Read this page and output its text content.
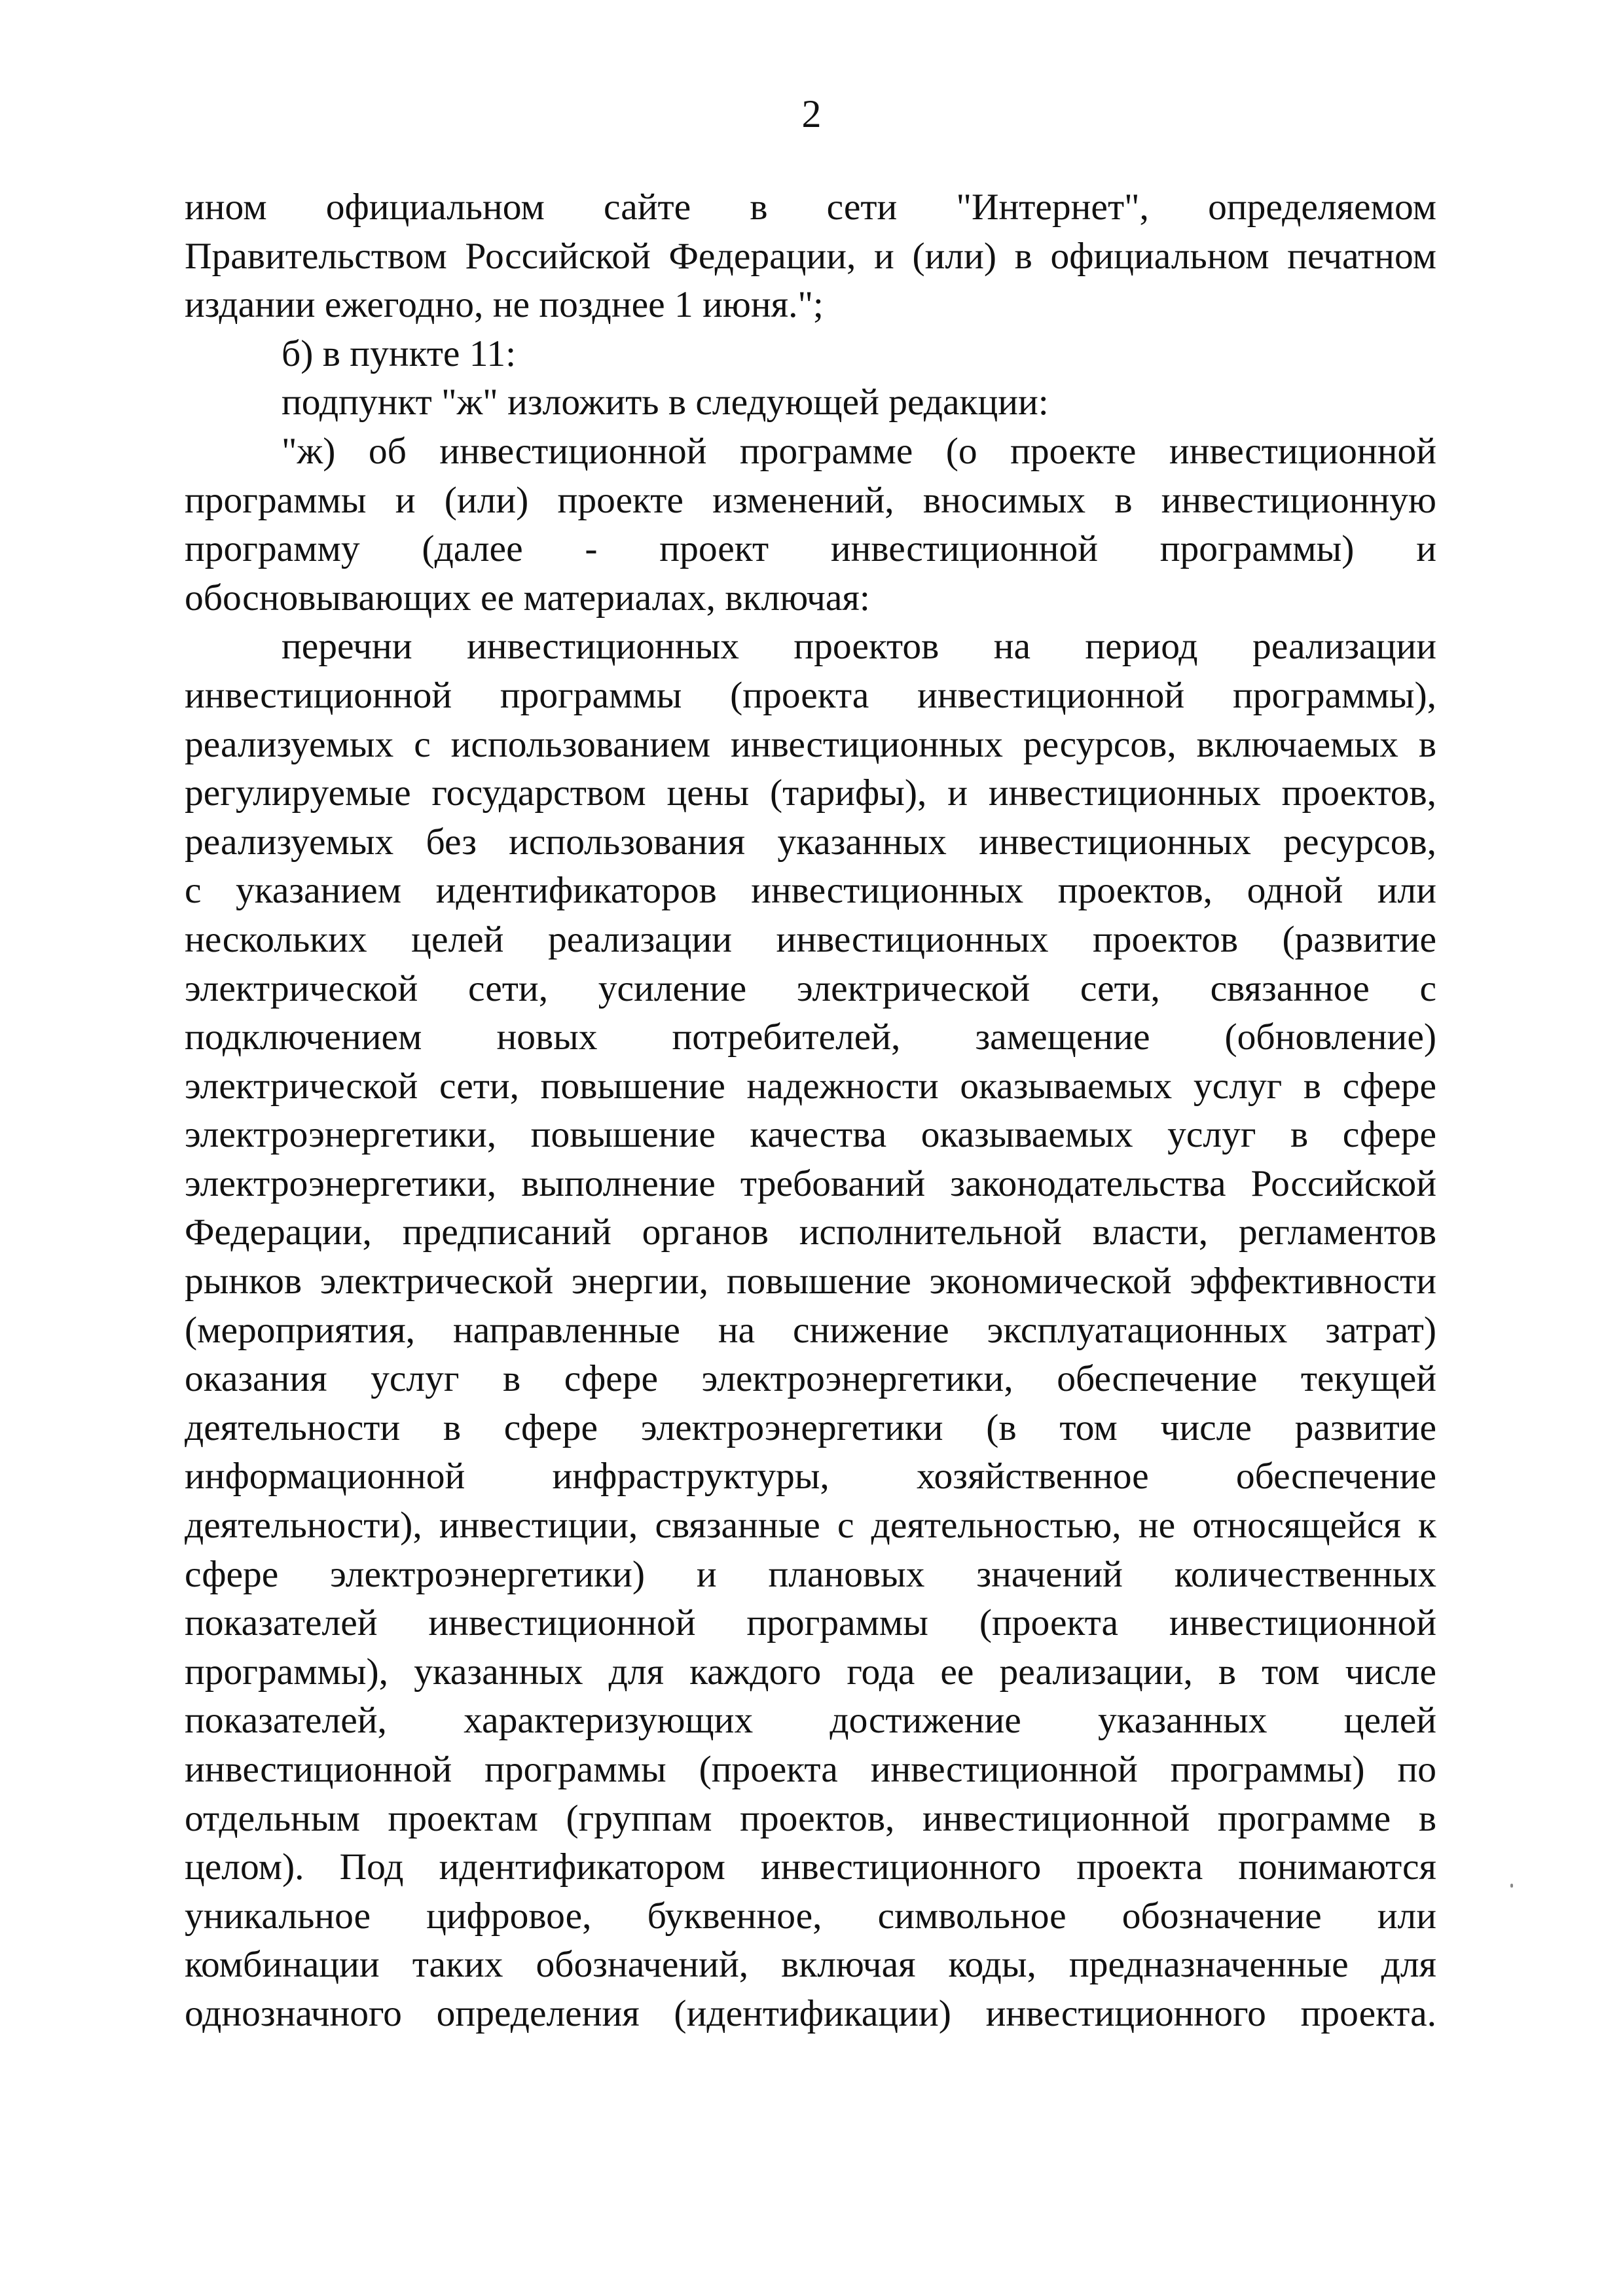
2
ином официальном сайте в сети "Интернет", определяемом
Правительством Российской Федерации, и (или) в официальном печатном
издании ежегодно, не позднее 1 июня.";
б) в пункте 11:
подпункт "ж" изложить в следующей редакции:
"ж) об инвестиционной программе (о проекте инвестиционной
программы и (или) проекте изменений, вносимых в инвестиционную
программу (далее - проект инвестиционной программы) и
обосновывающих ее материалах, включая:
перечни инвестиционных проектов на период реализации
инвестиционной программы (проекта инвестиционной программы),
реализуемых с использованием инвестиционных ресурсов, включаемых в
регулируемые государством цены (тарифы), и инвестиционных проектов,
реализуемых без использования указанных инвестиционных ресурсов,
с указанием идентификаторов инвестиционных проектов, одной или
нескольких целей реализации инвестиционных проектов (развитие
электрической сети, усиление электрической сети, связанное с
подключением новых потребителей, замещение (обновление)
электрической сети, повышение надежности оказываемых услуг в сфере
электроэнергетики, повышение качества оказываемых услуг в сфере
электроэнергетики, выполнение требований законодательства Российской
Федерации, предписаний органов исполнительной власти, регламентов
рынков электрической энергии, повышение экономической эффективности
(мероприятия, направленные на снижение эксплуатационных затрат)
оказания услуг в сфере электроэнергетики, обеспечение текущей
деятельности в сфере электроэнергетики (в том числе развитие
информационной инфраструктуры, хозяйственное обеспечение
деятельности), инвестиции, связанные с деятельностью, не относящейся к
сфере электроэнергетики) и плановых значений количественных
показателей инвестиционной программы (проекта инвестиционной
программы), указанных для каждого года ее реализации, в том числе
показателей, характеризующих достижение указанных целей
инвестиционной программы (проекта инвестиционной программы) по
отдельным проектам (группам проектов, инвестиционной программе в
целом). Под идентификатором инвестиционного проекта понимаются
уникальное цифровое, буквенное, символьное обозначение или
комбинации таких обозначений, включая коды, предназначенные для
однозначного определения (идентификации) инвестиционного проекта.
